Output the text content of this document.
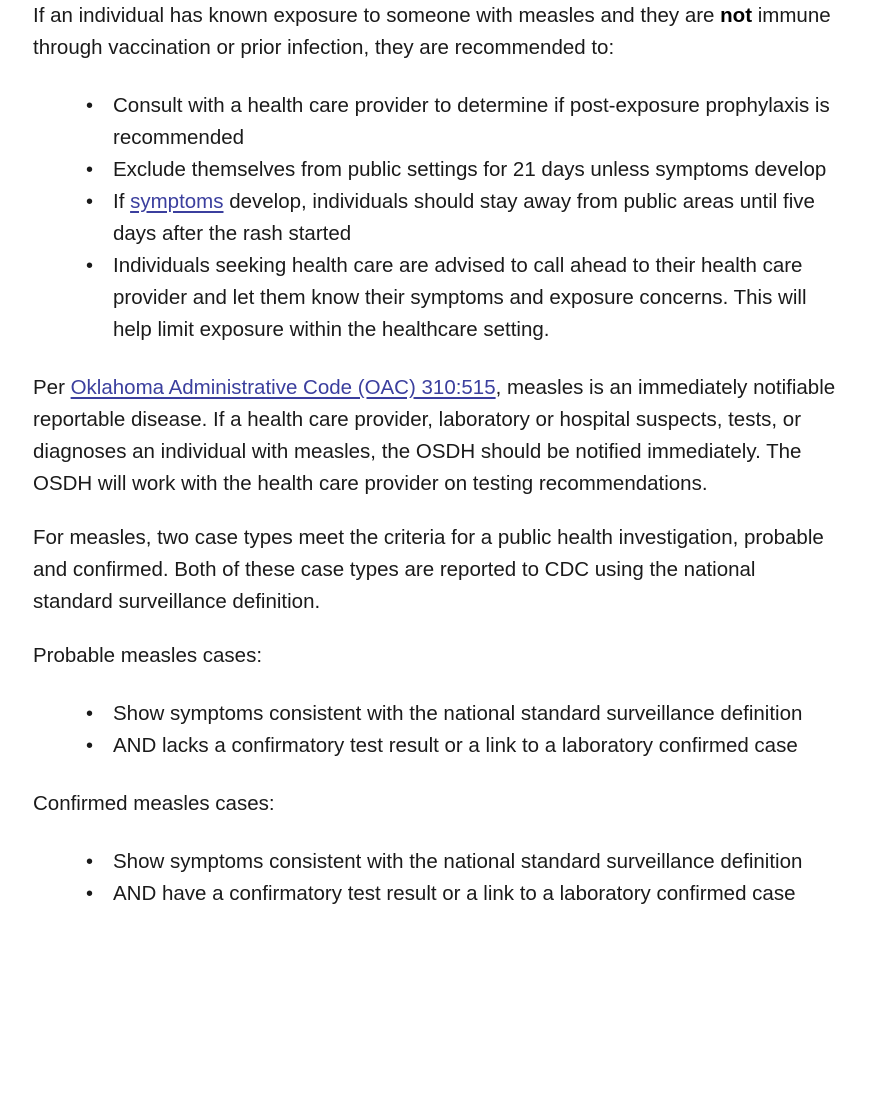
If an individual has known exposure to someone with measles and they are not immune through vaccination or prior infection, they are recommended to:

• Consult with a health care provider to determine if post-exposure prophylaxis is recommended
• Exclude themselves from public settings for 21 days unless symptoms develop
• If symptoms develop, individuals should stay away from public areas until five days after the rash started
• Individuals seeking health care are advised to call ahead to their health care provider and let them know their symptoms and exposure concerns. This will help limit exposure within the healthcare setting.

Per Oklahoma Administrative Code (OAC) 310:515, measles is an immediately notifiable reportable disease. If a health care provider, laboratory or hospital suspects, tests, or diagnoses an individual with measles, the OSDH should be notified immediately. The OSDH will work with the health care provider on testing recommendations.

For measles, two case types meet the criteria for a public health investigation, probable and confirmed. Both of these case types are reported to CDC using the national standard surveillance definition.

Probable measles cases:

• Show symptoms consistent with the national standard surveillance definition
• AND lacks a confirmatory test result or a link to a laboratory confirmed case

Confirmed measles cases:

• Show symptoms consistent with the national standard surveillance definition
• AND have a confirmatory test result or a link to a laboratory confirmed case
